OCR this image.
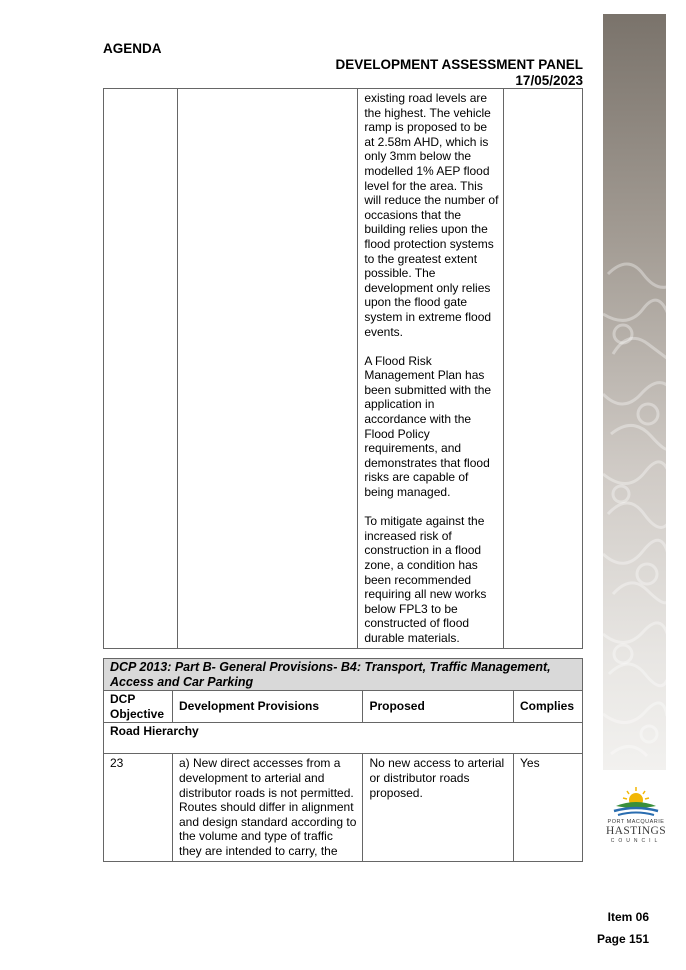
AGENDA
DEVELOPMENT ASSESSMENT PANEL
17/05/2023

existing road levels are the highest. The vehicle ramp is proposed to be at 2.58m AHD, which is only 3mm below the modelled 1% AEP flood level for the area. This will reduce the number of occasions that the building relies upon the flood protection systems to the greatest extent possible. The development only relies upon the flood gate system in extreme flood events.

A Flood Risk Management Plan has been submitted with the application in accordance with the Flood Policy requirements, and demonstrates that flood risks are capable of being managed.

To mitigate against the increased risk of construction in a flood zone, a condition has been recommended requiring all new works below FPL3 to be constructed of flood durable materials.

DCP 2013: Part B- General Provisions- B4: Transport, Traffic Management, Access and Car Parking			
DCP Objective	Development Provisions	Proposed	Complies
Road Hierarchy			
23	a) New direct accesses from a development to arterial and distributor roads is not permitted. Routes should differ in alignment and design standard according to the volume and type of traffic they are intended to carry, the	No new access to arterial or distributor roads proposed.	Yes
PORT MACQUARIE
HASTINGS
COUNCIL
Item 06
Page 151
